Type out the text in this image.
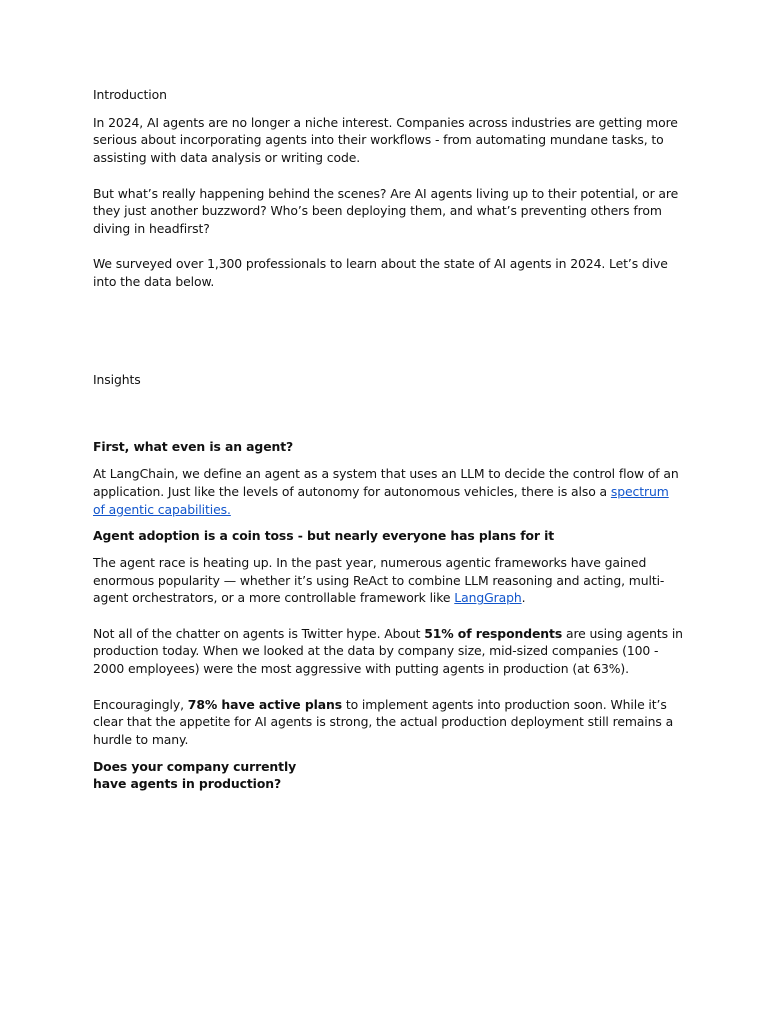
Introduction

In 2024, AI agents are no longer a niche interest. Companies across industries are getting more serious about incorporating agents into their workflows - from automating mundane tasks, to assisting with data analysis or writing code.

But what’s really happening behind the scenes? Are AI agents living up to their potential, or are they just another buzzword? Who’s been deploying them, and what’s preventing others from diving in headfirst?

We surveyed over 1,300 professionals to learn about the state of AI agents in 2024. Let’s dive into the data below.

Insights

First, what even is an agent?

At LangChain, we define an agent as a system that uses an LLM to decide the control flow of an application. Just like the levels of autonomy for autonomous vehicles, there is also a spectrum of agentic capabilities.

Agent adoption is a coin toss - but nearly everyone has plans for it

The agent race is heating up. In the past year, numerous agentic frameworks have gained enormous popularity — whether it’s using ReAct to combine LLM reasoning and acting, multi-agent orchestrators, or a more controllable framework like LangGraph.

Not all of the chatter on agents is Twitter hype. About 51% of respondents are using agents in production today. When we looked at the data by company size, mid-sized companies (100 - 2000 employees) were the most aggressive with putting agents in production (at 63%).

Encouragingly, 78% have active plans to implement agents into production soon. While it’s clear that the appetite for AI agents is strong, the actual production deployment still remains a hurdle to many.

Does your company currently have agents in production?
